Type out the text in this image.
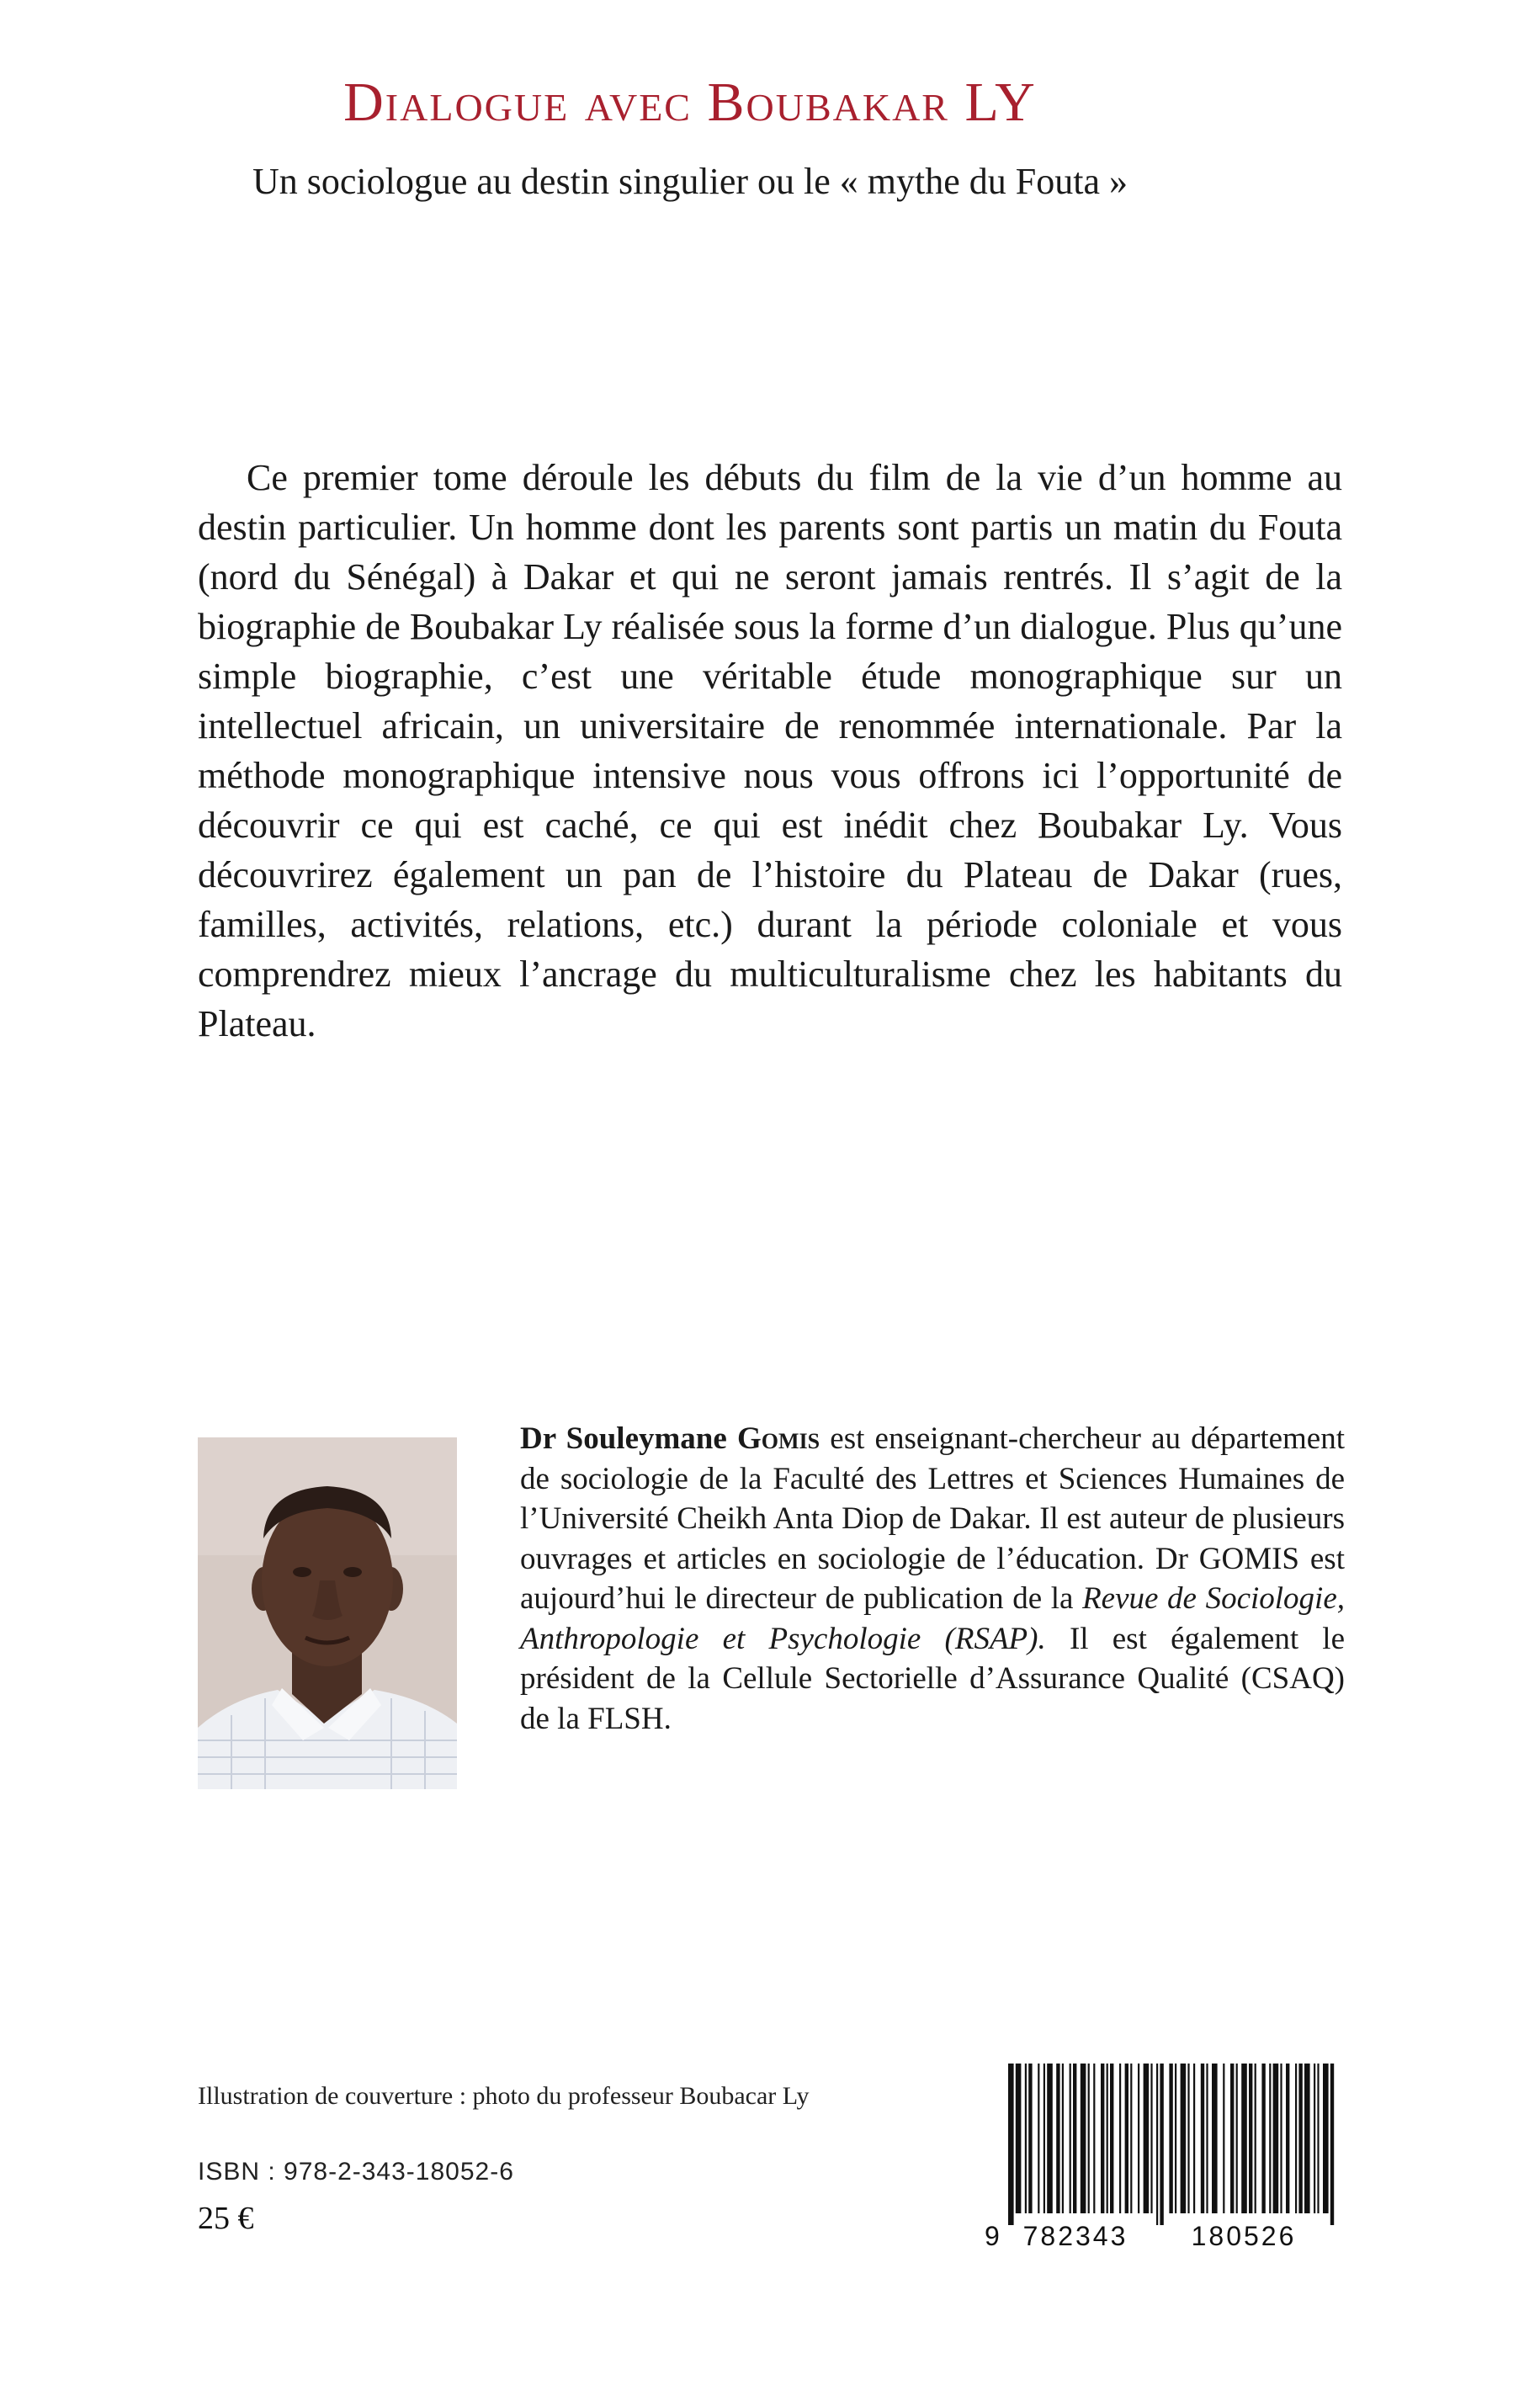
Dialogue avec Boubakar LY
Un sociologue au destin singulier ou le « mythe du Fouta »

Ce premier tome déroule les débuts du film de la vie d’un homme au destin particulier. Un homme dont les parents sont partis un matin du Fouta (nord du Sénégal) à Dakar et qui ne seront jamais rentrés. Il s’agit de la biographie de Boubakar Ly réalisée sous la forme d’un dialogue. Plus qu’une simple biographie, c’est une véritable étude monographique sur un intellectuel africain, un universitaire de renommée internationale. Par la méthode monographique intensive nous vous offrons ici l’opportunité de découvrir ce qui est caché, ce qui est inédit chez Boubakar Ly. Vous découvrirez également un pan de l’histoire du Plateau de Dakar (rues, familles, activités, relations, etc.) durant la période coloniale et vous comprendrez mieux l’ancrage du multiculturalisme chez les habitants du Plateau.

Dr Souleymane Gomis est enseignant-chercheur au département de sociologie de la Faculté des Lettres et Sciences Humaines de l’Université Cheikh Anta Diop de Dakar. Il est auteur de plusieurs ouvrages et articles en sociologie de l’éducation. Dr GOMIS est aujourd’hui le directeur de publication de la Revue de Sociologie, Anthropologie et Psychologie (RSAP). Il est également le président de la Cellule Sectorielle d’Assurance Qualité (CSAQ) de la FLSH.

Illustration de couverture : photo du professeur Boubacar Ly
ISBN : 978-2-343-18052-6
25 €	9 782343 180526
